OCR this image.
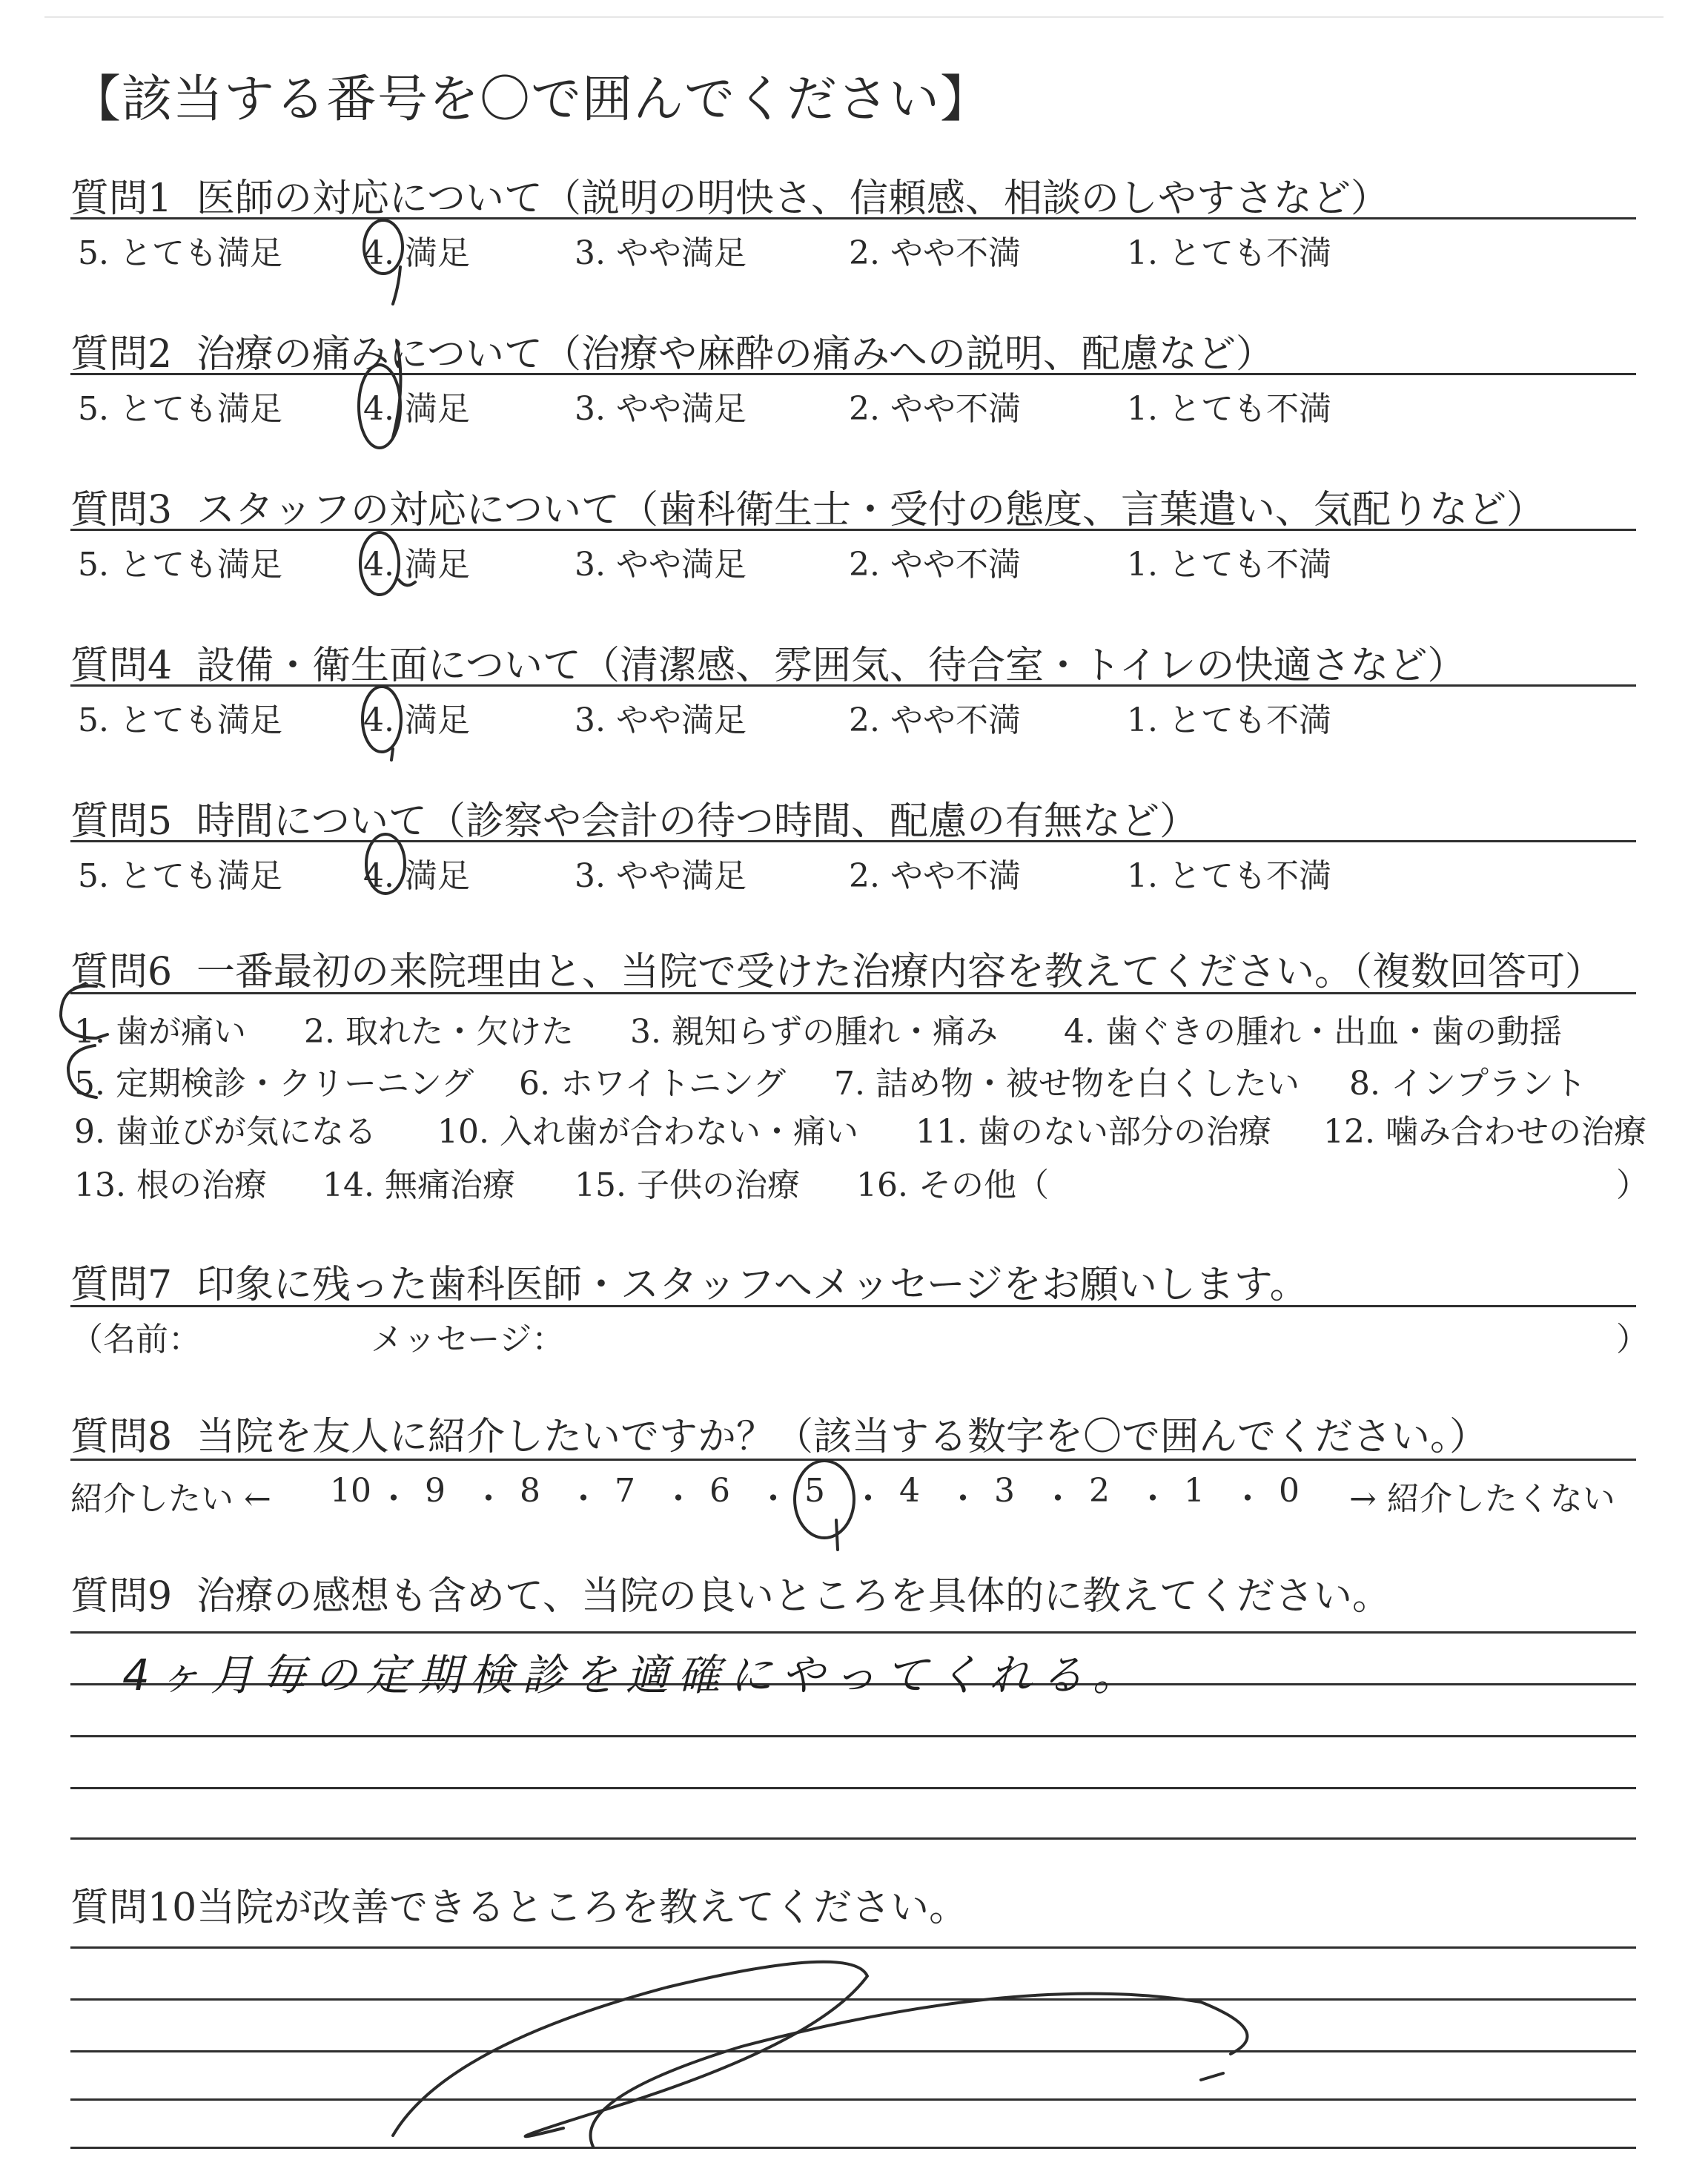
【該当する番号を〇で囲んでください】
質問1 医師の対応について（説明の明快さ、信頼感、相談のしやすさなど）
5. とても満足 4. 満足	3. やや満足	2. やや不満	1. とても不満
質問2 治療の痛みについて（治療や麻酔の痛みへの説明、配慮など）
5. とても満足 4. 満足	3. やや満足	2. やや不満	1. とても不満
質問3 スタッフの対応について（歯科衛生士・受付の態度、言葉遣い、気配りなど）
5. とても満足 4. 満足	3. やや満足	2. やや不満	1. とても不満
質問4 設備・衛生面について（清潔感、雰囲気、待合室・トイレの快適さなど）
5. とても満足 4. 満足	3. やや満足	2. やや不満	1. とても不満
質問5 時間について（診察や会計の待つ時間、配慮の有無など）
5. とても満足 4. 満足	3. やや満足	2. やや不満	1. とても不満
質問6 一番最初の来院理由と、当院で受けた治療内容を教えてください。（複数回答可）
1. 歯が痛い 2. 取れた・欠けた 3. 親知らずの腫れ・痛み 4. 歯ぐきの腫れ・出血・歯の動揺
5. 定期検診・クリーニング 6. ホワイトニング 7. 詰め物・被せ物を白くしたい 8. インプラント
9. 歯並びが気になる 10. 入れ歯が合わない・痛い 11. 歯のない部分の治療 12. 噛み合わせの治療
13. 根の治療 14. 無痛治療 15. 子供の治療 16. その他（	）
質問7 印象に残った歯科医師・スタッフへメッセージをお願いします。
（名前：	メッセージ：	）
質問8 当院を友人に紹介したいですか？（該当する数字を〇で囲んでください。）
紹介したい ← 10 ・ 9 ・ 8 ・ 7 ・ 6 ・ 5 ・ 4 ・ 3 ・ 2 ・ 1 ・ 0 → 紹介したくない
質問9 治療の感想も含めて、当院の良いところを具体的に教えてください。
4ヶ月毎の定期検診を適確にやってくれる。
質問10当院が改善できるところを教えてください。
